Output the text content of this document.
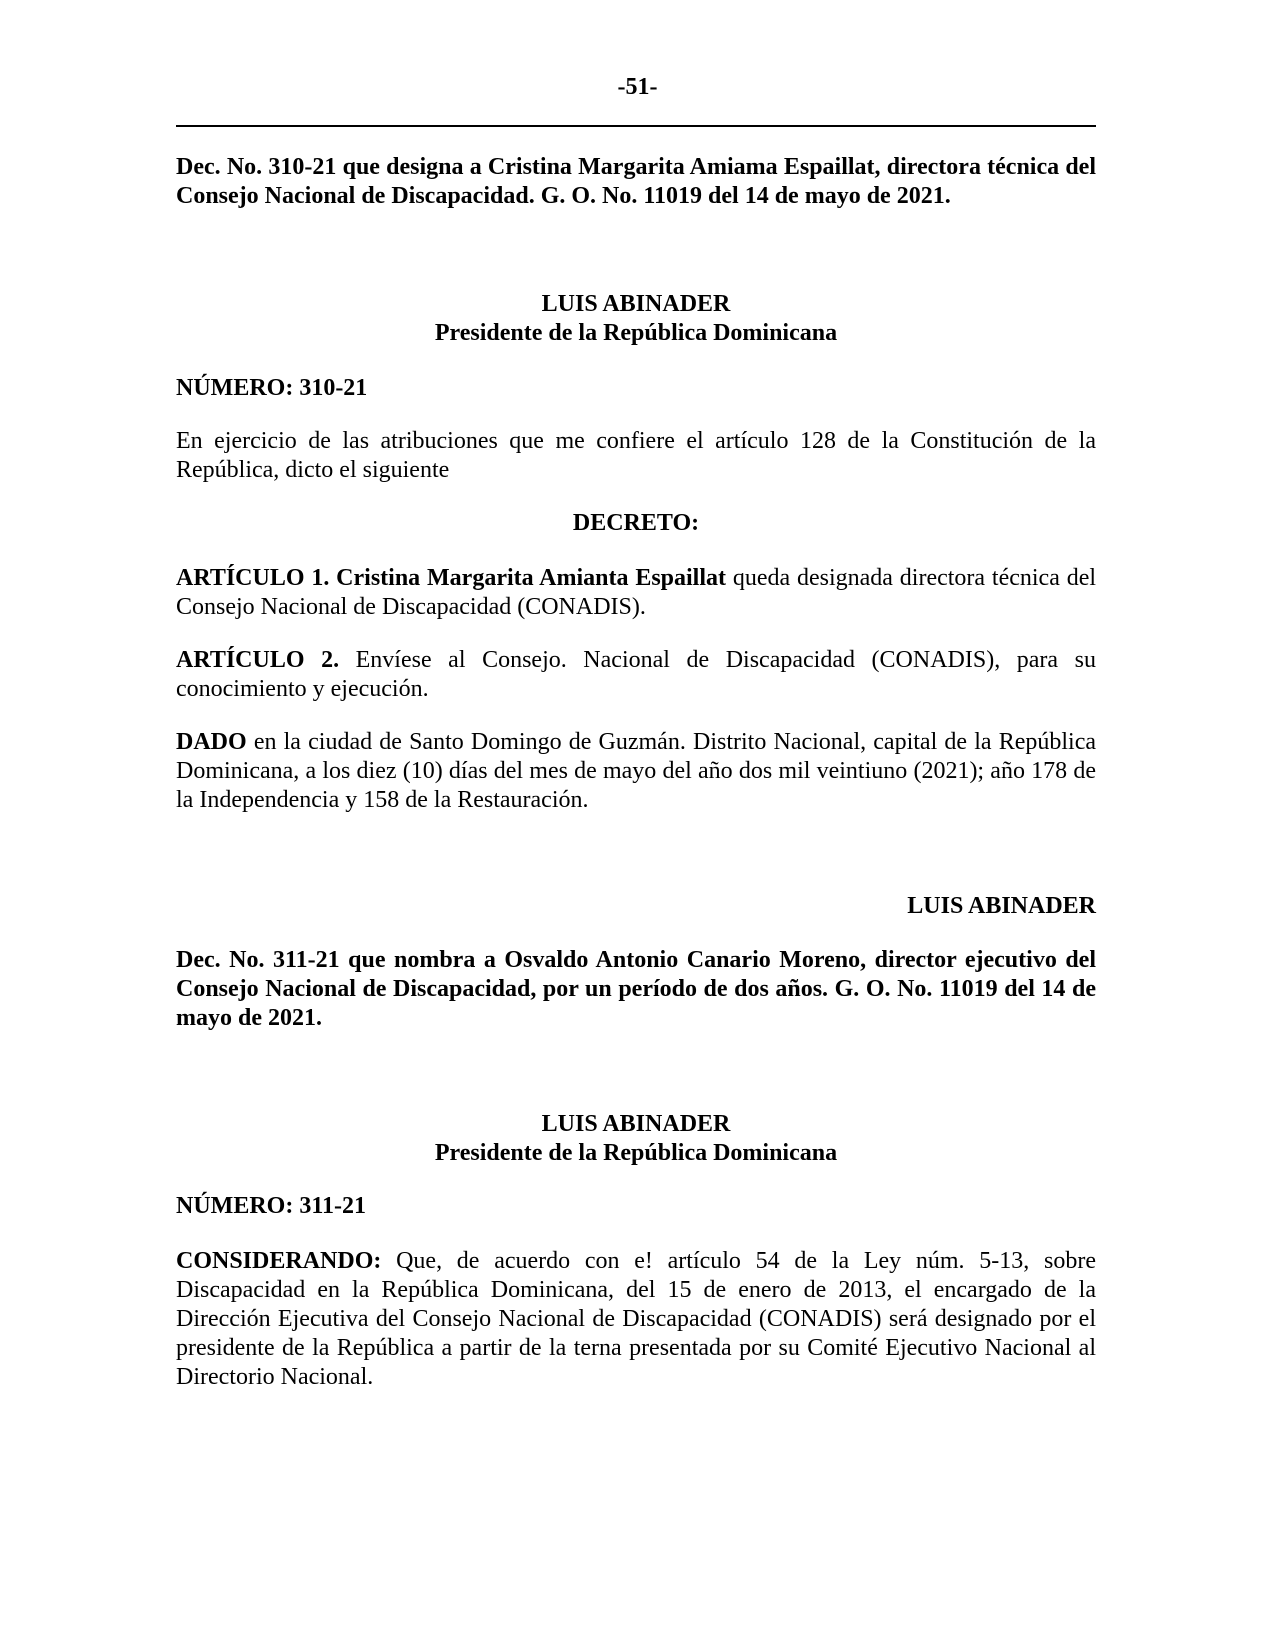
-51-

Dec. No. 310-21 que designa a Cristina Margarita Amiama Espaillat, directora técnica del Consejo Nacional de Discapacidad. G. O. No. 11019 del 14 de mayo de 2021.

LUIS ABINADER
Presidente de la República Dominicana

NÚMERO: 310-21

En ejercicio de las atribuciones que me confiere el artículo 128 de la Constitución de la República, dicto el siguiente

DECRETO:

ARTÍCULO 1. Cristina Margarita Amianta Espaillat queda designada directora técnica del Consejo Nacional de Discapacidad (CONADIS).

ARTÍCULO 2. Envíese al Consejo. Nacional de Discapacidad (CONADIS), para su conocimiento y ejecución.

DADO en la ciudad de Santo Domingo de Guzmán. Distrito Nacional, capital de la República Dominicana, a los diez (10) días del mes de mayo del año dos mil veintiuno (2021); año 178 de la Independencia y 158 de la Restauración.

LUIS ABINADER

Dec. No. 311-21 que nombra a Osvaldo Antonio Canario Moreno, director ejecutivo del Consejo Nacional de Discapacidad, por un período de dos años. G. O. No. 11019 del 14 de mayo de 2021.

LUIS ABINADER
Presidente de la República Dominicana

NÚMERO: 311-21

CONSIDERANDO: Que, de acuerdo con e! artículo 54 de la Ley núm. 5-13, sobre Discapacidad en la República Dominicana, del 15 de enero de 2013, el encargado de la Dirección Ejecutiva del Consejo Nacional de Discapacidad (CONADIS) será designado por el presidente de la República a partir de la terna presentada por su Comité Ejecutivo Nacional al Directorio Nacional.
